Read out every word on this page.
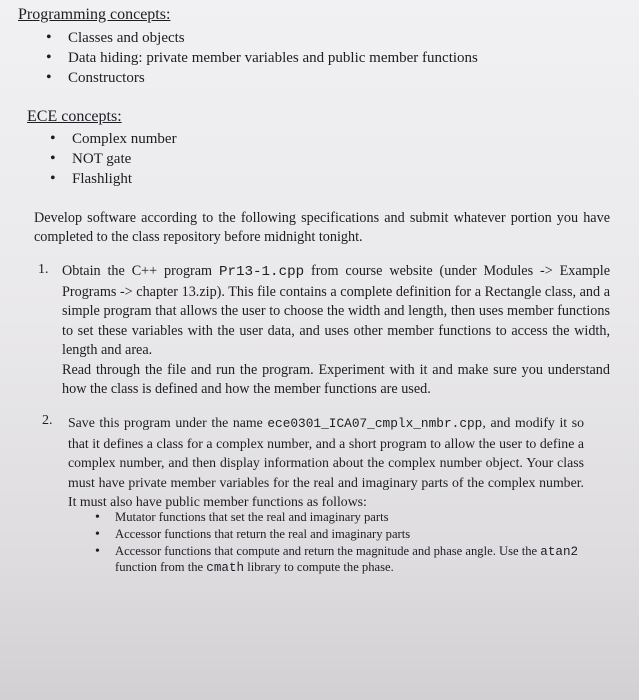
Programming concepts:
• Classes and objects
• Data hiding: private member variables and public member functions
• Constructors
ECE concepts:
• Complex number
• NOT gate
• Flashlight
Develop software according to the following specifications and submit whatever portion you have completed to the class repository before midnight tonight.
1. Obtain the C++ program Pr13-1.cpp from course website (under Modules -> Example Programs -> chapter 13.zip). This file contains a complete definition for a Rectangle class, and a simple program that allows the user to choose the width and length, then uses member functions to set these variables with the user data, and uses other member functions to access the width, length and area.
Read through the file and run the program. Experiment with it and make sure you understand how the class is defined and how the member functions are used.
2. Save this program under the name ece0301_ICA07_cmplx_nmbr.cpp, and modify it so that it defines a class for a complex number, and a short program to allow the user to define a complex number, and then display information about the complex number object. Your class must have private member variables for the real and imaginary parts of the complex number. It must also have public member functions as follows:
• Mutator functions that set the real and imaginary parts
• Accessor functions that return the real and imaginary parts
• Accessor functions that compute and return the magnitude and phase angle. Use the atan2 function from the cmath library to compute the phase.
